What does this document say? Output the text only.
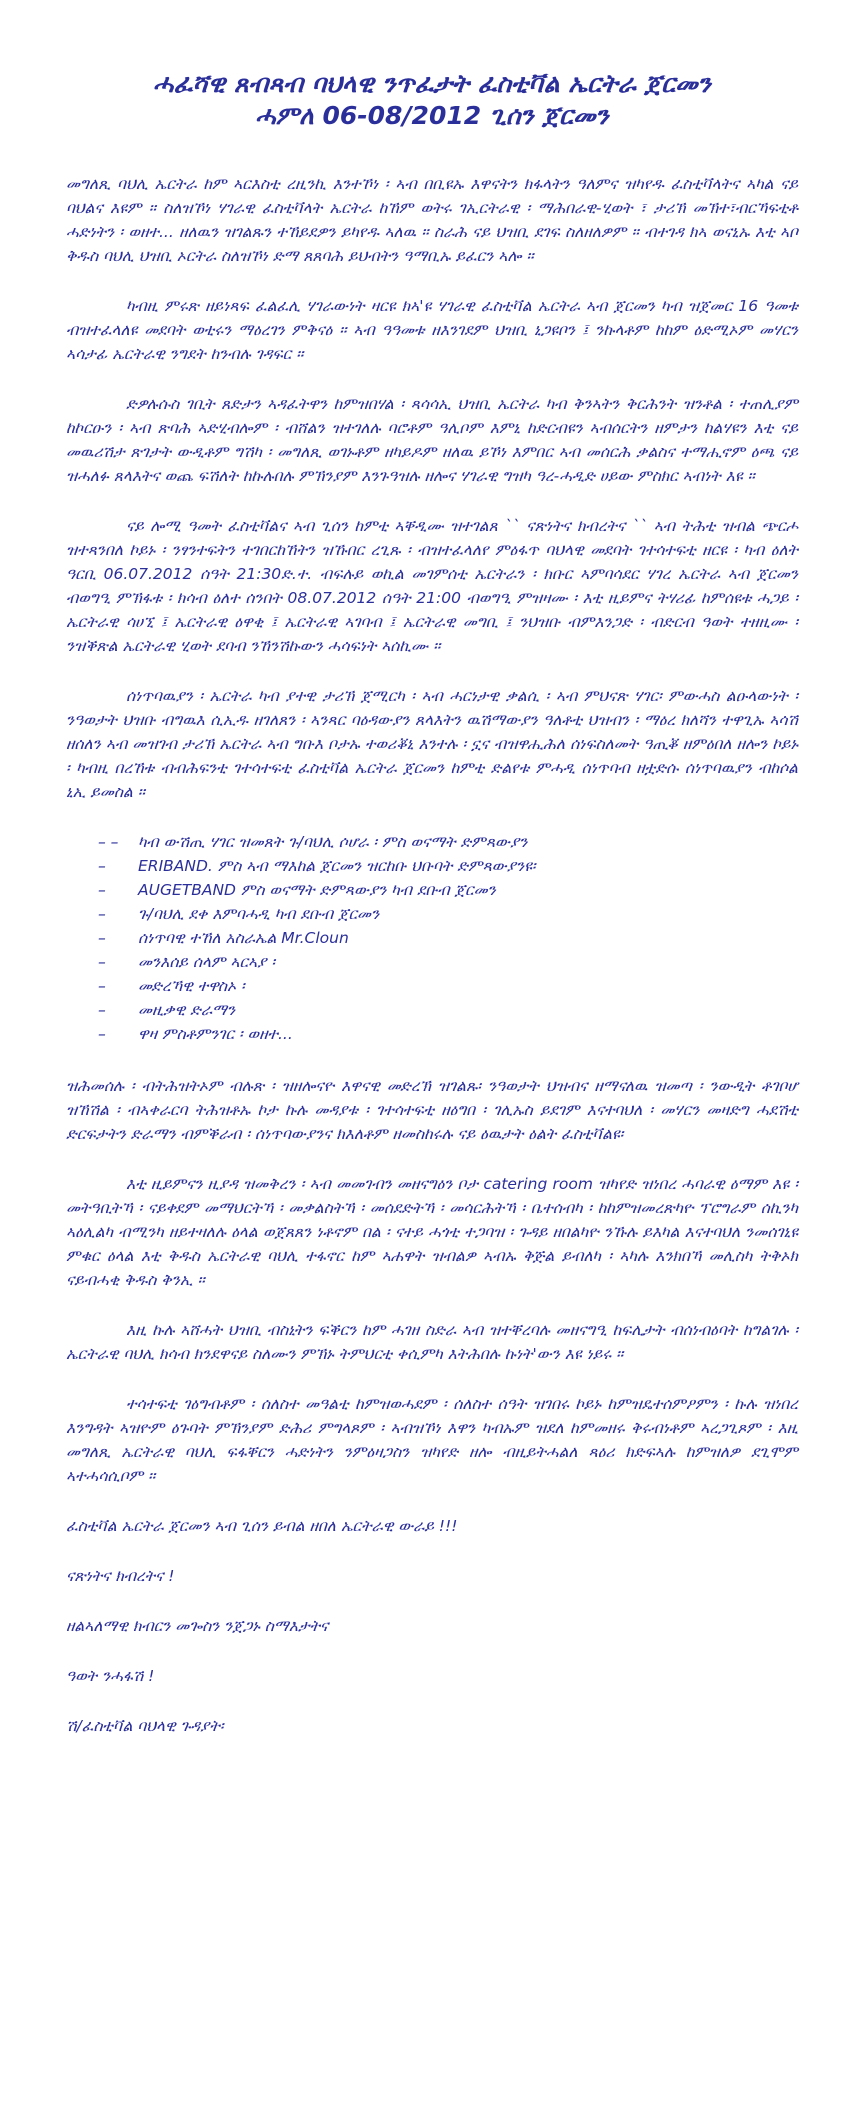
ሓፈሻዊ ጸብጻብ ባህላዊ ንጥፈታት ፈስቲቫል ኤርትራ ጀርመን
ሓምለ 06-08/2012 ጊሰን ጀርመን

መግለጺ ባህሊ ኤርትራ ከም ኣርእስቲ ረዚንኪ እንተኾነ ፡ ኣብ በቢዩኡ እዋናትን ክፋላትን ዓለምና ዝካየዱ ፈስቲቫላትና ኣካል ናይ ባህልና እዩም ። ስለዝኾነ ሃገራዊ ፈስቲቫላት ኤርትራ ከኸም ወትሩ ገኢርትራዊ ፡ ማሕበራዊ-ሂወት ፣ ታሪኽ መኽተ፣ብርኻፍቲቶ ሓድነትን ፡ ወዘተ... ዘለዉን ዝገልጹን ተኸይደዎን ይካየዱ ኣለዉ ። ስራሕ ናይ ህዝቢ ደገፍ ስለዘለዎም ። ብተገዳ ክኣ ወናኒኡ እቲ ኣቦ ቅዱስ ባህሊ ህዝቢ ኦርትራ ስለዝኾነ ድማ ጸጸባሕ ይህብትን ዓማቢኡ ይፈርን ኣሎ ።

ካብዚ ምሩጽ ዘይነጻፍ ፈልፈሊ ሃገራውነት ዛርዩ ክኣ'ዩ ሃገራዊ ፈስቲቫል ኤርትራ ኣብ ጀርመን ካብ ዝጀመር 16 ዓመቱ ብዝተፈላለዩ መደባት ወቲሩን ማዕረገን ምቅናዕ ። ኣብ ዓዓመቱ ዘእንገደም ህዝቢ ኒጋዩቦን ፤ ንኩላቶም ከከም ዕድሚኦም መሃርን ኣሳታፊ ኤርትራዊ ንግደት ከንብሉ ገዳፍር ።

ድዎሉሱስ ገቢት ጸድታን ኣዳፈትዋን ከምዝበሃል ፡ ጻሳሳኢ ህዝቢ ኤርትራ ካብ ቅንኣትን ቅርሕንት ዝንቶል ፡ ተጠሊያም ከኮርዑን ፡ ኣብ ጽባሕ ኣድሂብሎም ፡ ብሸልን ዝተገለሉ ባሮቶም ዓሊቦም እምኒ ከድርብዩን ኣብሰርትን ዘምታን ከልሃዩን እቲ ናይ መዉሪሽታ ጽገታት ውዲቶም ግሽካ ፡ መግለጺ ወገኑቶም ዘካይዶም ዘለዉ ይኾነ እምበር ኣብ መሰርሕ ቃልስና ተማሒኖም ዕጫ ናይ ዝሓለፉ ጸላእትና ወጨ ፍሽለት ከኩሉበሉ ምኽንያም እንጉዓዝሉ ዘሎና ሃገራዊ ግዝካ ዓረ-ሓዲድ ሀይው ምስክር ኣብነት እዩ ።

ናይ ሎሚ ዓመት ፈስቲቫልና ኣብ ጊሰን ከምቲ ኣቐዲሙ ዝተገልጸ `` ናጽነትና ክብረትና `` ኣብ ትሕቲ ዝብል ጭርሖ ዝተጻንበለ ኮይኑ ፡ ንፃንተፍትን ተገበርከኸትን ዝኹበር ረጊጹ ፡ ብዝተፈላለየ ምዕፋጥ ባህላዊ መደባት ገተሳተፍቲ ዘርዩ ፡ ካብ ዕለት ዓርቢ 06.07.2012 ሰዓት 21:30ድ.ተ. ብፍሉይ ወኪል መገምሰቲ ኤርትራን ፡ ክቡር ኣምባሳደር ሃገረ ኤርትራ ኣብ ጀርመን ብወግዒ ምኽፋቱ ፡ ክሳብ ዕለተ ሰንበት 08.07.2012 ሰዓት 21:00 ብወግዒ ምዝዛሙ ፡ እቲ ዚይምና ትሃሪፊ ከምሰዩቱ ሓጋይ ፡ ኤርትራዊ ሳሀኚ ፤ ኤርትራዊ ዕዋቂ ፤ ኤርትራዊ ኣገባብ ፤ ኤርትራዊ መግቢ ፤ ንህዝቡ ብምእንጋድ ፡ ብድርብ ዓወት ተዘዚሙ ፡ ንዝቕጽል ኤርትራዊ ሂወት ደባብ ንኸንሽኩውን ሓሳፍነት ኣሰኪሙ ።

ሰነጥባዉያን ፡ ኤርትራ ካብ ያተዊ ታሪኽ ጀሚርካ ፡ ኣብ ሓርነታዊ ቃልሲ ፡ ኣብ ምህናጽ ሃገር፡ ምውሓስ ልዑላውነት ፡ ንዓወታት ህዝቡ ብግዉእ ሲኢዱ ዘገለጸን ፡ ኣንጻር ባዕዳውያን ጸላእትን ዉሽማውያን ዓለቶቲ ህዝብን ፡ ማዕረ ክለሻን ተዋጊኡ ኣሳሽ ዘሰለን ኣብ መዝገብ ታሪኽ ኤርትራ ኣብ ግቡእ ቦታኡ ተወሪቖኒ እንተሉ ፡ ኗና ብዝዋሒሕለ ሰነፍስለመት ዓጢቖ ዘምዕበለ ዘሎን ኮይኑ ፡ ካብዚ በረኸቱ ብብሕፍንቲ ገተሳተፍቲ ፈስቲቫል ኤርትራ ጀርመን ከምቲ ድልየቱ ምሓዲ ሰነጥባብ ዘቷድሱ ሰነጥባዉያን ብከሶል ኒኢ ይመስል ።

– – ካብ ውሽጢ ሃገር ዝመጸት ጉ/ባህሊ ሶሆራ ፡ ምስ ወናማት ድምጻውያን
– ERIBAND. ምስ ኣብ ማእከል ጀርመን ዝርከቡ ህቡባት ድምጻውያንዩ፡
– AUGETBAND ምስ ወናማት ድምጻውያን ካብ ደቡብ ጀርመን
– ጉ/ባህሊ ደቀ እምባሓዲ ካብ ደቡብ ጀርመን
– ሰነጥባዊ ተኸለ አስራኤል Mr.Cloun
– መንእሰይ ሰላም ኣርኣያ ፡
– መድረኻዊ ተዋስኦ ፡
– መዚቃዊ ድራማን
– ዋዛ ምስቶምንገር ፡ ወዘተ...

ዝሕመሰሉ ፡ ብትሕዝትኦም ብሉጽ ፡ ዝዘሎናዮ እዋናዊ መድረኽ ዝገልጹ፡ ንዓወታት ህዝብና ዘማናለዉ ዝመጣ ፡ ንውዲት ቶገቦሆ ዝኸሽል ፡ ብኣቀራርባ ትሕዝቶኡ ኮታ ኩሉ መዳያቱ ፡ ገተሳተፍቲ ዘዕግበ ፡ ገሊኡስ ይደገም እናተባህለ ፡ መሃርን መዛድግ ሓደሽቲ ድርፍታትን ድራማን ብምቕራብ ፡ ሰነጥባውያንና ክእለቶም ዘመስከሩሉ ናይ ዕዉታት ዕልት ፈስቲቫልዩ፡

እቲ ዚይምናን ዚያዳ ዝመቅረን ፡ ኣብ መመገብን መዘናግዕን ቦታ catering room ዝካየድ ዝነበረ ሓባራዊ ዕማም እዩ ፡ መትዓቢትኻ ፡ ናይቀደም መማህርትኻ ፡ መቃልስትኻ ፡ መሰደድትኻ ፡ መሳርሕትኻ ፡ ቤተሰብካ ፡ ከከምዝመረጽካዮ ፕሮግራም ሰኪንካ ኣዕሊልካ ብሚንካ ዘይተዛለሉ ዕላል ወጀጸጸን ነቶኖም በል ፡ ናተይ ሓጎቲ ተጋባዝ ፡ ጉዳይ ዘበልካዮ ንኹሉ ይእካል እናተባህለ ንመሰገኒዩ ምቁር ዕላል እቲ ቅዱስ ኤርትራዊ ባህሊ ተፋኖር ከም ኣሐዋት ዝብልዎ ኣብኡ ቅጅል ይብለካ ፡ ኣካሉ እንክበኻ መሊስካ ትቅኦክ ናይብሓቂ ቅዱስ ቅንኢ ።

እዚ ኩሉ ኣሸሓት ህዝቢ ብስኒትን ፍቕርን ከም ሓገዘ ስድራ ኣብ ዝተቐረባሉ መዘናግዒ ከፍሊታት ብሰነብዕባት ከግልገሉ ፡ ኤርትራዊ ባህሊ ክሳብ ክንደዋናይ ስለሙን ምኽኑ ትምህርቲ ቀሲምካ እትሕበሉ ኩነት'ውን እዩ ነይሩ ።

ተሳተፍቲ ገዕግብቶም ፡ ሰለስተ መዓልቲ ከምዝወሓደም ፡ ሰለስተ ሰዓት ዝገበሩ ኮይኑ ከምዝዴተሰምዖምን ፡ ኩሉ ዝነበረ እንግዳት ኣዝዮም ዕጉባት ምኽንያም ድሕሪ ምግላጾም ፡ ኣብዝኾነ እዋን ካብኡም ዝደለ ከምመዘሩ ቅሩብነቶም ኣረጋጊጾም ፡ እዚ መግለጺ ኤርትራዊ ባህሊ ፍፋቐርን ሓድነትን ንምዕዛጋስን ዝካየድ ዘሎ ብዚይትሓልለ ጻዕሪ ክድፍኣሉ ከምዝለዎ ደጊሞም ኣተሓሳሲቦም ።

ፈስቲቫል ኤርትራ ጀርመን ኣብ ጊሰን ይብል ዘበለ ኤርትራዊ ውራይ !!!

ናጽነትና ክብረትና !

ዘልኣለማዊ ክብርን መጐስን ንጀጋኑ ስማእታትና

ዓወት ንሓፋሽ !

ሽ/ፈስቲቫል ባህላዊ ጉዳያት፡
